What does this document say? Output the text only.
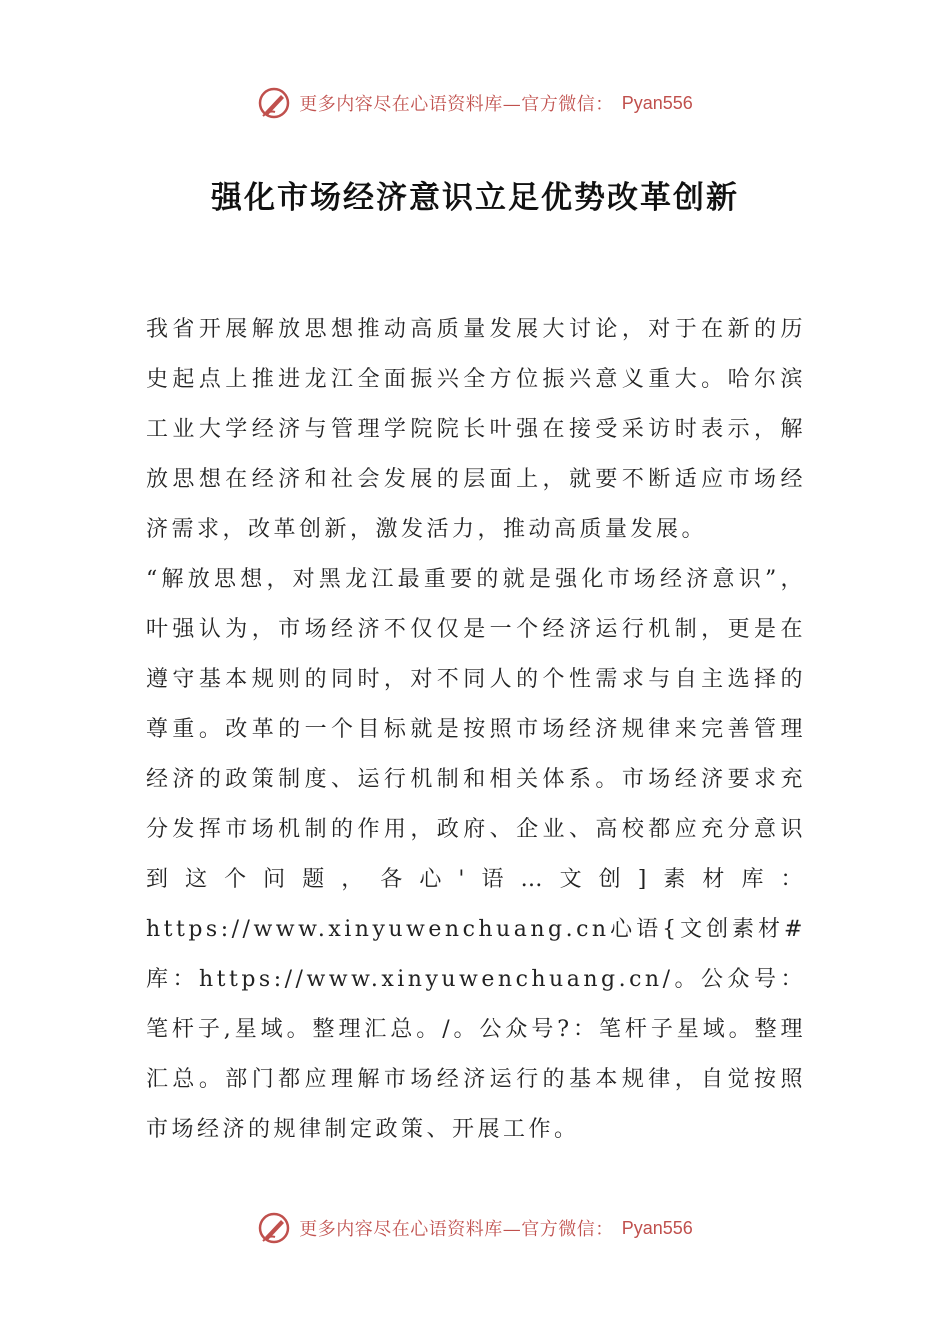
更多内容尽在心语资料库—官方微信： Pyan556
强化市场经济意识立足优势改革创新

我省开展解放思想推动高质量发展大讨论，对于在新的历史起点上推进龙江全面振兴全方位振兴意义重大。哈尔滨工业大学经济与管理学院院长叶强在接受采访时表示，解放思想在经济和社会发展的层面上，就要不断适应市场经济需求，改革创新，激发活力，推动高质量发展。

“解放思想，对黑龙江最重要的就是强化市场经济意识”，叶强认为，市场经济不仅仅是一个经济运行机制，更是在遵守基本规则的同时，对不同人的个性需求与自主选择的尊重。改革的一个目标就是按照市场经济规律来完善管理经济的政策制度、运行机制和相关体系。市场经济要求充分发挥市场机制的作用，政府、企业、高校都应充分意识到这个问题，各心'语…文创]素材库：https://www.xinyuwenchuang.cn心语{文创素材#库：https://www.xinyuwenchuang.cn/。公众号：笔杆子,星域。整理汇总。/。公众号?：笔杆子星域。整理汇总。部门都应理解市场经济运行的基本规律，自觉按照市场经济的规律制定政策、开展工作。

更多内容尽在心语资料库—官方微信： Pyan556
